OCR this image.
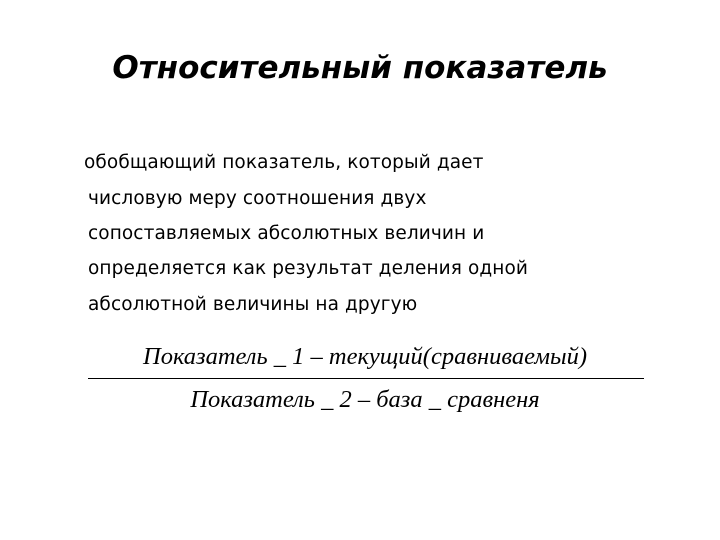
Относительный показатель
обобщающий показатель, который дает
числовую меру соотношения двух
сопоставляемых абсолютных величин и
определяется как результат деления одной
абсолютной величины на другую
Показатель _ 1 – текущий(сравниваемый)
Показатель _ 2 – база _ сравненя
